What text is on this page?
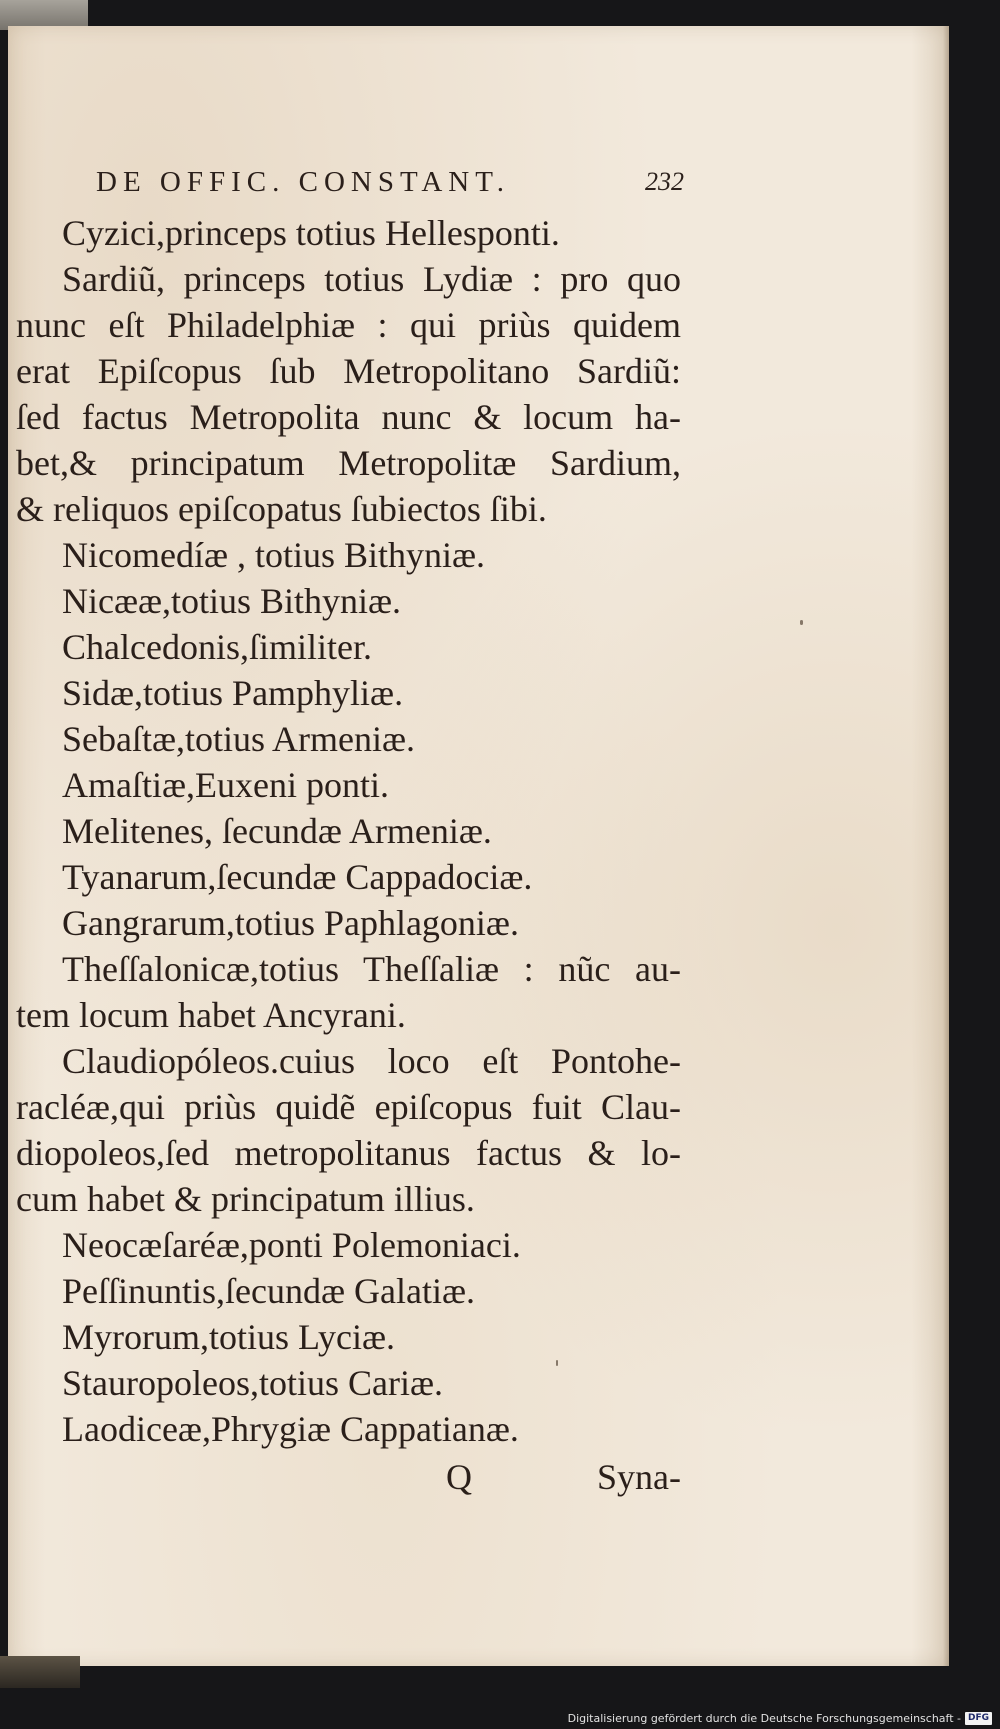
DE OFFIC. CONSTANT.	232
Cyzici,princeps totius Hellesponti.
Sardiũ, princeps totius Lydiæ : pro quo
nunc eſt Philadelphiæ : qui priùs quidem
erat Epiſcopus ſub Metropolitano Sardiũ:
ſed factus Metropolita nunc & locum ha-
bet,& principatum Metropolitæ Sardium,
& reliquos epiſcopatus ſubiectos ſibi.
Nicomedíæ , totius Bithyniæ.
Nicææ,totius Bithyniæ.
Chalcedonis,ſimiliter.
Sidæ,totius Pamphyliæ.
Sebaſtæ,totius Armeniæ.
Amaſtiæ,Euxeni ponti.
Melitenes, ſecundæ Armeniæ.
Tyanarum,ſecundæ Cappadociæ.
Gangrarum,totius Paphlagoniæ.
Theſſalonicæ,totius Theſſaliæ : nũc au-
tem locum habet Ancyrani.
Claudiopóleos.cuius loco eſt Pontohe-
racléæ,qui priùs quidẽ epiſcopus fuit Clau-
diopoleos,ſed metropolitanus factus & lo-
cum habet & principatum illius.
Neocæſaréæ,ponti Polemoniaci.
Peſſinuntis,ſecundæ Galatiæ.
Myrorum,totius Lyciæ.
Stauropoleos,totius Cariæ.
Laodiceæ,Phrygiæ Cappatianæ.
Q	Syna-
Digitalisierung gefördert durch die Deutsche Forschungsgemeinschaft - DFG
